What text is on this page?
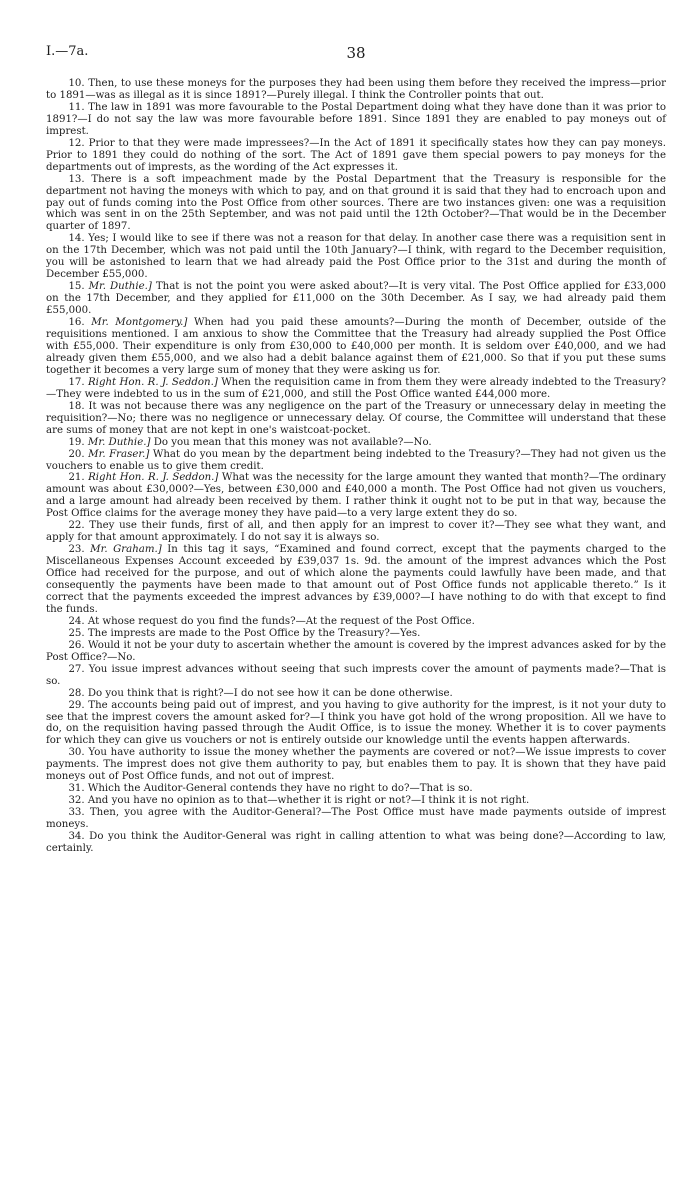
I.—7a.	38

10. Then, to use these moneys for the purposes they had been using them before they received the impress—prior to 1891—was as illegal as it is since 1891?—Purely illegal. I think the Controller points that out.

11. The law in 1891 was more favourable to the Postal Department doing what they have done than it was prior to 1891?—I do not say the law was more favourable before 1891. Since 1891 they are enabled to pay moneys out of imprest.

12. Prior to that they were made impressees?—In the Act of 1891 it specifically states how they can pay moneys. Prior to 1891 they could do nothing of the sort. The Act of 1891 gave them special powers to pay moneys for the departments out of imprests, as the wording of the Act expresses it.

13. There is a soft impeachment made by the Postal Department that the Treasury is responsible for the department not having the moneys with which to pay, and on that ground it is said that they had to encroach upon and pay out of funds coming into the Post Office from other sources. There are two instances given: one was a requisition which was sent in on the 25th September, and was not paid until the 12th October?—That would be in the December quarter of 1897.

14. Yes; I would like to see if there was not a reason for that delay. In another case there was a requisition sent in on the 17th December, which was not paid until the 10th January?—I think, with regard to the December requisition, you will be astonished to learn that we had already paid the Post Office prior to the 31st and during the month of December £55,000.

15. Mr. Duthie.] That is not the point you were asked about?—It is very vital. The Post Office applied for £33,000 on the 17th December, and they applied for £11,000 on the 30th December. As I say, we had already paid them £55,000.

16. Mr. Montgomery.] When had you paid these amounts?—During the month of December, outside of the requisitions mentioned. I am anxious to show the Committee that the Treasury had already supplied the Post Office with £55,000. Their expenditure is only from £30,000 to £40,000 per month. It is seldom over £40,000, and we had already given them £55,000, and we also had a debit balance against them of £21,000. So that if you put these sums together it becomes a very large sum of money that they were asking us for.

17. Right Hon. R. J. Seddon.] When the requisition came in from them they were already indebted to the Treasury?—They were indebted to us in the sum of £21,000, and still the Post Office wanted £44,000 more.

18. It was not because there was any negligence on the part of the Treasury or unnecessary delay in meeting the requisition?—No; there was no negligence or unnecessary delay. Of course, the Committee will understand that these are sums of money that are not kept in one's waistcoat-pocket.

19. Mr. Duthie.] Do you mean that this money was not available?—No.

20. Mr. Fraser.] What do you mean by the department being indebted to the Treasury?—They had not given us the vouchers to enable us to give them credit.

21. Right Hon. R. J. Seddon.] What was the necessity for the large amount they wanted that month?—The ordinary amount was about £30,000?—Yes, between £30,000 and £40,000 a month. The Post Office had not given us vouchers, and a large amount had already been received by them. I rather think it ought not to be put in that way, because the Post Office claims for the average money they have paid—to a very large extent they do so.

22. They use their funds, first of all, and then apply for an imprest to cover it?—They see what they want, and apply for that amount approximately. I do not say it is always so.

23. Mr. Graham.] In this tag it says, “Examined and found correct, except that the payments charged to the Miscellaneous Expenses Account exceeded by £39,037 1s. 9d. the amount of the imprest advances which the Post Office had received for the purpose, and out of which alone the payments could lawfully have been made, and that consequently the payments have been made to that amount out of Post Office funds not applicable thereto.” Is it correct that the payments exceeded the imprest advances by £39,000?—I have nothing to do with that except to find the funds.

24. At whose request do you find the funds?—At the request of the Post Office.

25. The imprests are made to the Post Office by the Treasury?—Yes.

26. Would it not be your duty to ascertain whether the amount is covered by the imprest advances asked for by the Post Office?—No.

27. You issue imprest advances without seeing that such imprests cover the amount of payments made?—That is so.

28. Do you think that is right?—I do not see how it can be done otherwise.

29. The accounts being paid out of imprest, and you having to give authority for the imprest, is it not your duty to see that the imprest covers the amount asked for?—I think you have got hold of the wrong proposition. All we have to do, on the requisition having passed through the Audit Office, is to issue the money. Whether it is to cover payments for which they can give us vouchers or not is entirely outside our knowledge until the events happen afterwards.

30. You have authority to issue the money whether the payments are covered or not?—We issue imprests to cover payments. The imprest does not give them authority to pay, but enables them to pay. It is shown that they have paid moneys out of Post Office funds, and not out of imprest.

31. Which the Auditor-General contends they have no right to do?—That is so.

32. And you have no opinion as to that—whether it is right or not?—I think it is not right.

33. Then, you agree with the Auditor-General?—The Post Office must have made payments outside of imprest moneys.

34. Do you think the Auditor-General was right in calling attention to what was being done?—According to law, certainly.
